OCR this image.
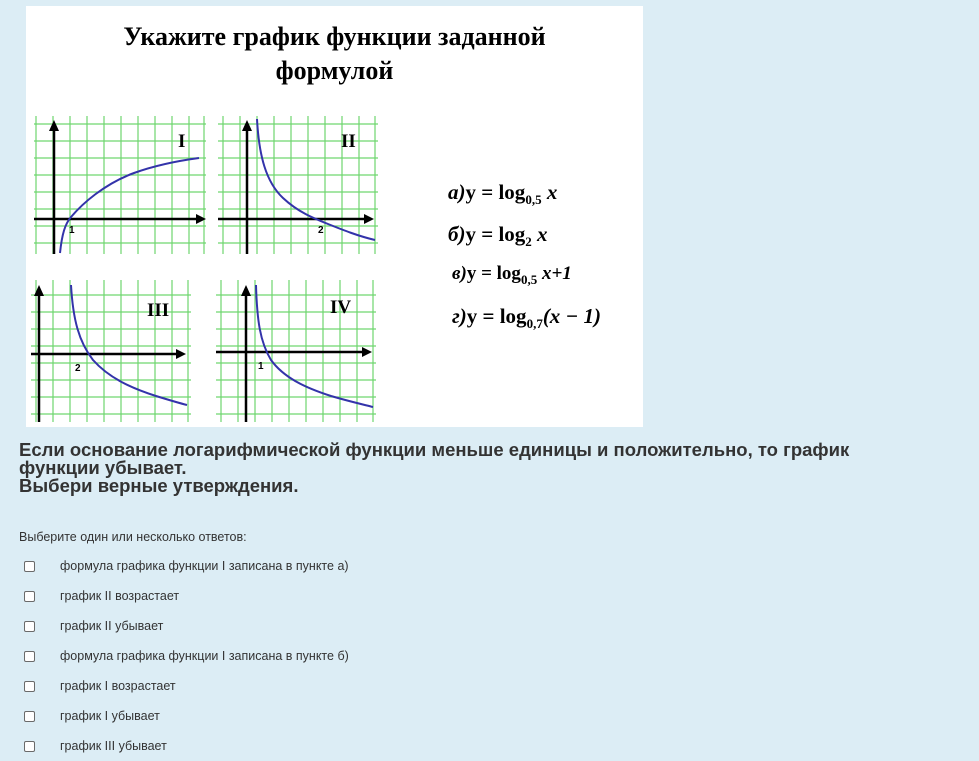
Укажите график функции заданной
формулой
1
I
2
II
2
III
1
IV
$а)y = \log_{0,5} x$
$б)y = \log_2 x$
$в)y = \log_{0,5} x+1$
$г)y = \log_{0,7}(x - 1)$
Если основание логарифмической функции меньше единицы и положительно, то график
функции убывает.
Выбери верные утверждения.
Выберите один или несколько ответов:
формула графика функции I записана в пункте а)
график II возрастает
график II убывает
формула графика функции I записана в пункте б)
график I возрастает
график I убывает
график III убывает
